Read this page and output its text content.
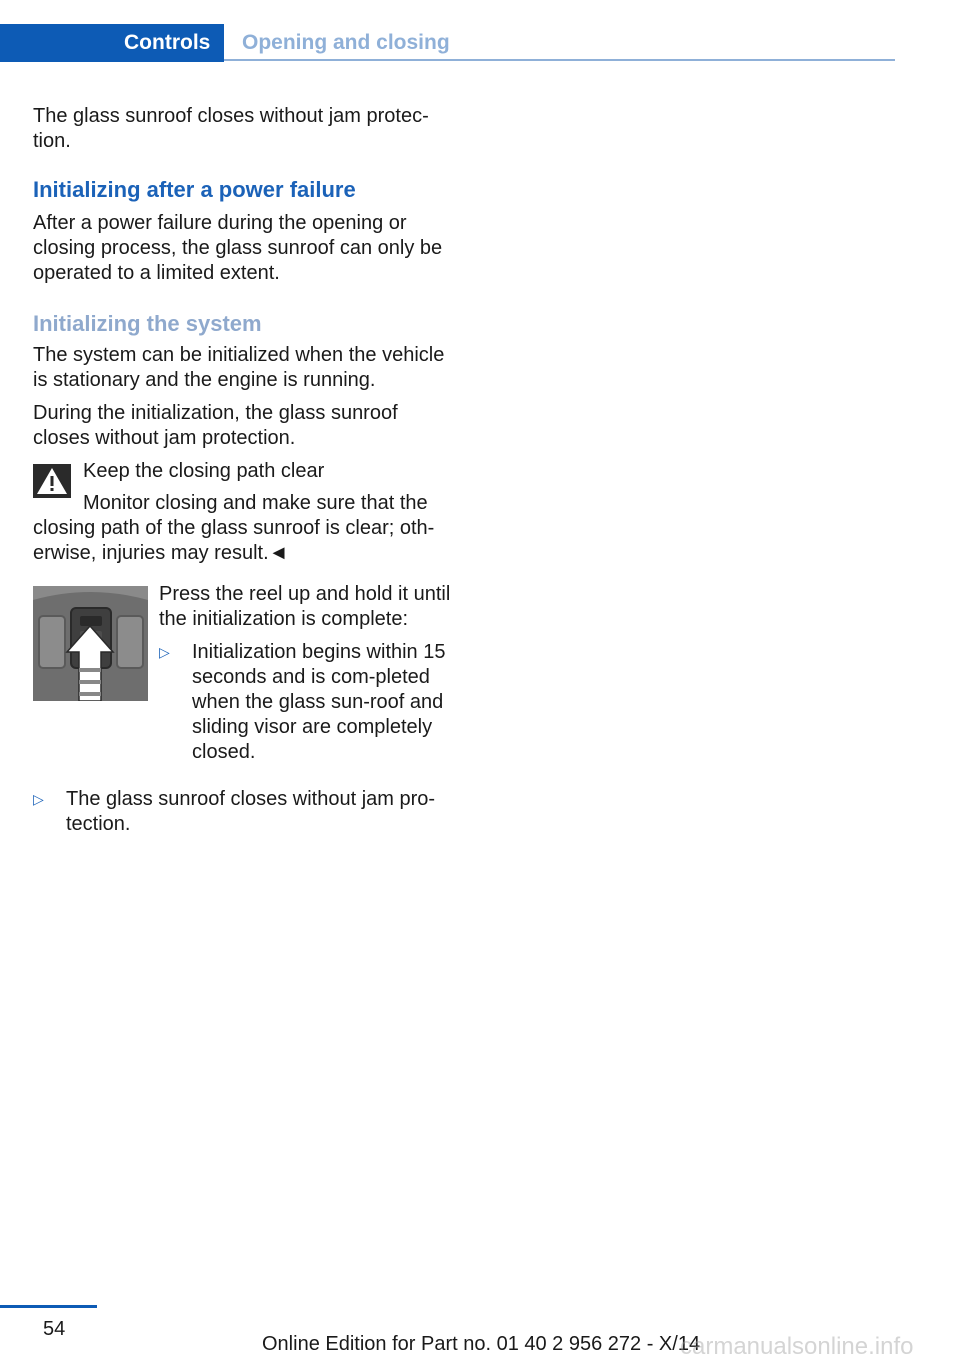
Controls	Opening and closing

The glass sunroof closes without jam protec-tion.

Initializing after a power failure

After a power failure during the opening or closing process, the glass sunroof can only be operated to a limited extent.

Initializing the system

The system can be initialized when the vehicle is stationary and the engine is running.

During the initialization, the glass sunroof closes without jam protection.

Keep the closing path clear

Monitor closing and make sure that the closing path of the glass sunroof is clear; oth-erwise, injuries may result.◄

Press the reel up and hold it until the initialization is complete:

▷ Initialization begins within 15 seconds and is com-pleted when the glass sun-roof and sliding visor are completely closed.
▷ The glass sunroof closes without jam pro-tection.
54
Online Edition for Part no. 01 40 2 956 272 - X/14
carmanualsonline.info
